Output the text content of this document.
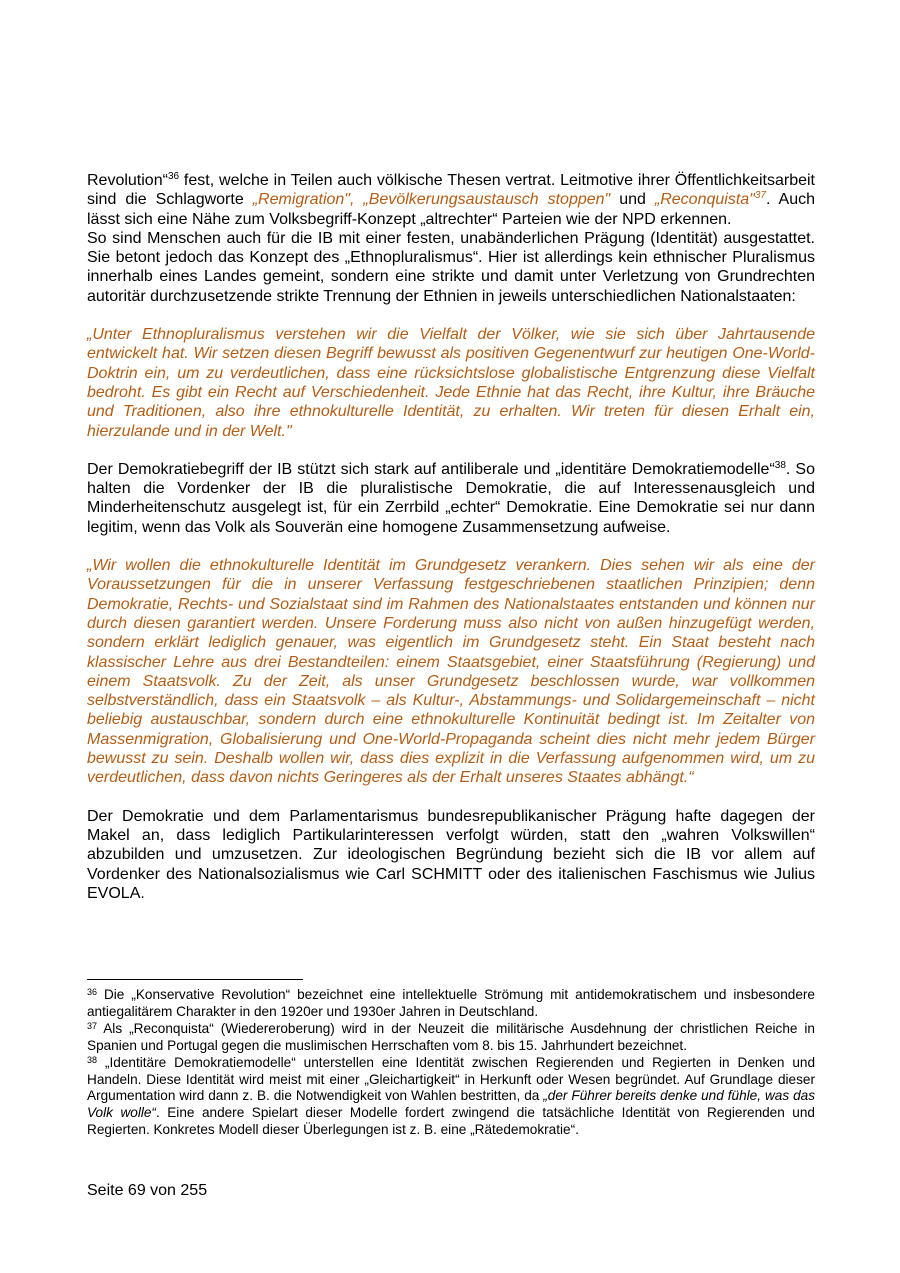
Revolution“$^{36}$ fest, welche in Teilen auch völkische Thesen vertrat. Leitmotive ihrer Öffentlichkeitsarbeit sind die Schlagworte „Remigration", „Bevölkerungsaustausch stoppen" und „Reconquista"$^{37}$. Auch lässt sich eine Nähe zum Volksbegriff-Konzept „altrechter“ Parteien wie der NPD erkennen.

So sind Menschen auch für die IB mit einer festen, unabänderlichen Prägung (Identität) ausgestattet. Sie betont jedoch das Konzept des „Ethnopluralismus“. Hier ist allerdings kein ethnischer Pluralismus innerhalb eines Landes gemeint, sondern eine strikte und damit unter Verletzung von Grundrechten autoritär durchzusetzende strikte Trennung der Ethnien in jeweils unterschiedlichen Nationalstaaten:

„Unter Ethnopluralismus verstehen wir die Vielfalt der Völker, wie sie sich über Jahrtausende entwickelt hat. Wir setzen diesen Begriff bewusst als positiven Gegenentwurf zur heutigen One-World-Doktrin ein, um zu verdeutlichen, dass eine rücksichtslose globalistische Entgrenzung diese Vielfalt bedroht. Es gibt ein Recht auf Verschiedenheit. Jede Ethnie hat das Recht, ihre Kultur, ihre Bräuche und Traditionen, also ihre ethnokulturelle Identität, zu erhalten. Wir treten für diesen Erhalt ein, hierzulande und in der Welt."

Der Demokratiebegriff der IB stützt sich stark auf antiliberale und „identitäre Demokratiemodelle“$^{38}$. So halten die Vordenker der IB die pluralistische Demokratie, die auf Interessenausgleich und Minderheitenschutz ausgelegt ist, für ein Zerrbild „echter“ Demokratie. Eine Demokratie sei nur dann legitim, wenn das Volk als Souverän eine homogene Zusammensetzung aufweise.

„Wir wollen die ethnokulturelle Identität im Grundgesetz verankern. Dies sehen wir als eine der Voraussetzungen für die in unserer Verfassung festgeschriebenen staatlichen Prinzipien; denn Demokratie, Rechts- und Sozialstaat sind im Rahmen des Nationalstaates entstanden und können nur durch diesen garantiert werden. Unsere Forderung muss also nicht von außen hinzugefügt werden, sondern erklärt lediglich genauer, was eigentlich im Grundgesetz steht. Ein Staat besteht nach klassischer Lehre aus drei Bestandteilen: einem Staatsgebiet, einer Staatsführung (Regierung) und einem Staatsvolk. Zu der Zeit, als unser Grundgesetz beschlossen wurde, war vollkommen selbstverständlich, dass ein Staatsvolk – als Kultur-, Abstammungs- und Solidargemeinschaft – nicht beliebig austauschbar, sondern durch eine ethnokulturelle Kontinuität bedingt ist. Im Zeitalter von Massenmigration, Globalisierung und One-World-Propaganda scheint dies nicht mehr jedem Bürger bewusst zu sein. Deshalb wollen wir, dass dies explizit in die Verfassung aufgenommen wird, um zu verdeutlichen, dass davon nichts Geringeres als der Erhalt unseres Staates abhängt.“

Der Demokratie und dem Parlamentarismus bundesrepublikanischer Prägung hafte dagegen der Makel an, dass lediglich Partikularinteressen verfolgt würden, statt den „wahren Volkswillen“ abzubilden und umzusetzen. Zur ideologischen Begründung bezieht sich die IB vor allem auf Vordenker des Nationalsozialismus wie Carl SCHMITT oder des italienischen Faschismus wie Julius EVOLA.

$^{36}$ Die „Konservative Revolution“ bezeichnet eine intellektuelle Strömung mit antidemokratischem und insbesondere antiegalitärem Charakter in den 1920er und 1930er Jahren in Deutschland.

$^{37}$ Als „Reconquista“ (Wiedereroberung) wird in der Neuzeit die militärische Ausdehnung der christlichen Reiche in Spanien und Portugal gegen die muslimischen Herrschaften vom 8. bis 15. Jahrhundert bezeichnet.

$^{38}$ „Identitäre Demokratiemodelle“ unterstellen eine Identität zwischen Regierenden und Regierten in Denken und Handeln. Diese Identität wird meist mit einer „Gleichartigkeit“ in Herkunft oder Wesen begründet. Auf Grundlage dieser Argumentation wird dann z. B. die Notwendigkeit von Wahlen bestritten, da „der Führer bereits denke und fühle, was das Volk wolle“. Eine andere Spielart dieser Modelle fordert zwingend die tatsächliche Identität von Regierenden und Regierten. Konkretes Modell dieser Überlegungen ist z. B. eine „Rätedemokratie“.

Seite 69 von 255
